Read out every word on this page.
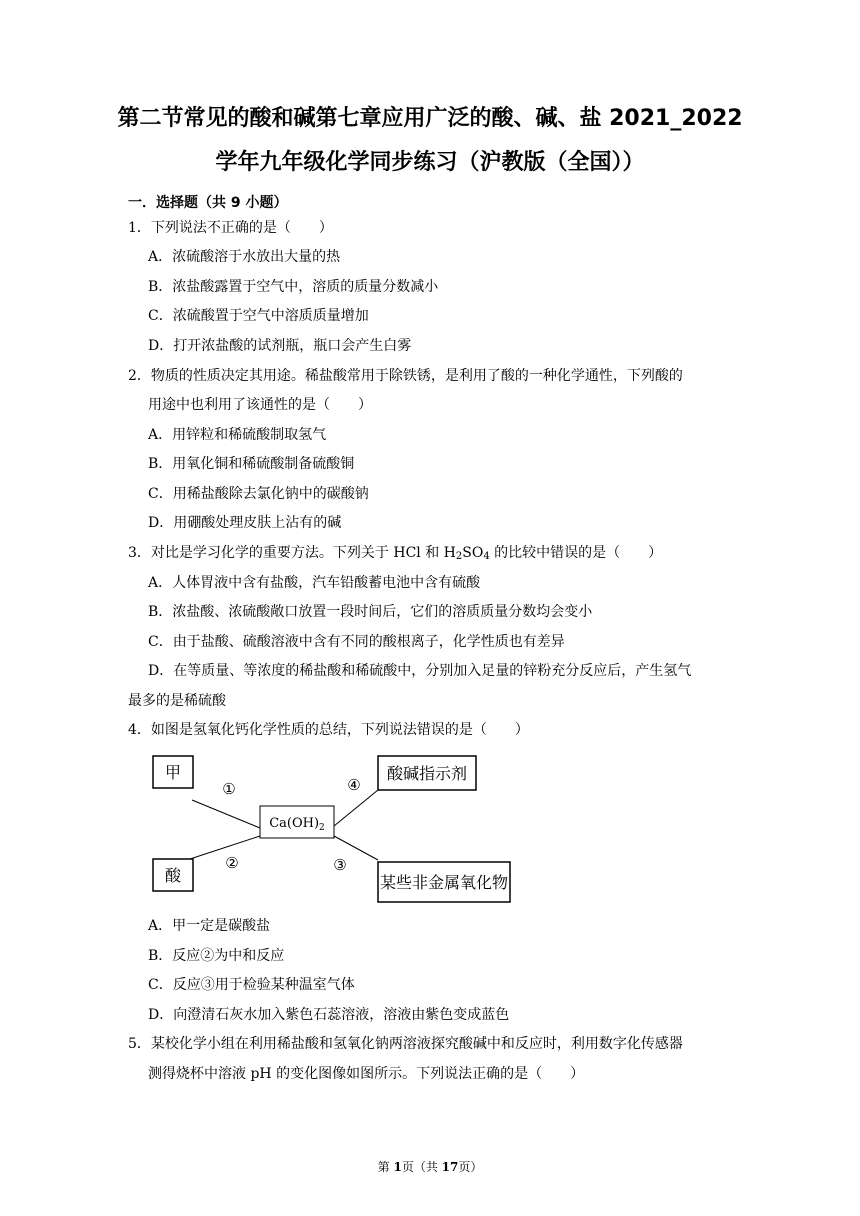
第二节常见的酸和碱第七章应用广泛的酸、碱、盐 2021_2022
学年九年级化学同步练习（沪教版（全国））
一．选择题（共 9 小题）
1．下列说法不正确的是（　　）
A．浓硫酸溶于水放出大量的热
B．浓盐酸露置于空气中，溶质的质量分数减小
C．浓硫酸置于空气中溶质质量增加
D．打开浓盐酸的试剂瓶，瓶口会产生白雾
2．物质的性质决定其用途。稀盐酸常用于除铁锈，是利用了酸的一种化学通性，下列酸的
用途中也利用了该通性的是（　　）
A．用锌粒和稀硫酸制取氢气
B．用氧化铜和稀硫酸制备硫酸铜
C．用稀盐酸除去氯化钠中的碳酸钠
D．用硼酸处理皮肤上沾有的碱
3．对比是学习化学的重要方法。下列关于 HCl 和 $H_2SO_4$ 的比较中错误的是（　　）
A．人体胃液中含有盐酸，汽车铅酸蓄电池中含有硫酸
B．浓盐酸、浓硫酸敞口放置一段时间后，它们的溶质质量分数均会变小
C．由于盐酸、硫酸溶液中含有不同的酸根离子，化学性质也有差异
D．在等质量、等浓度的稀盐酸和稀硫酸中，分别加入足量的锌粉充分反应后，产生氢气
最多的是稀硫酸
4．如图是氢氧化钙化学性质的总结，下列说法错误的是（　　）
甲
酸
酸碱指示剂
某些非金属氧化物
①
②	③
④
$Ca(OH)_2$
A．甲一定是碳酸盐
B．反应②为中和反应
C．反应③用于检验某种温室气体
D．向澄清石灰水加入紫色石蕊溶液，溶液由紫色变成蓝色
5．某校化学小组在利用稀盐酸和氢氧化钠两溶液探究酸碱中和反应时，利用数字化传感器
测得烧杯中溶液 pH 的变化图像如图所示。下列说法正确的是（　　）
第 1页（共 17页）
